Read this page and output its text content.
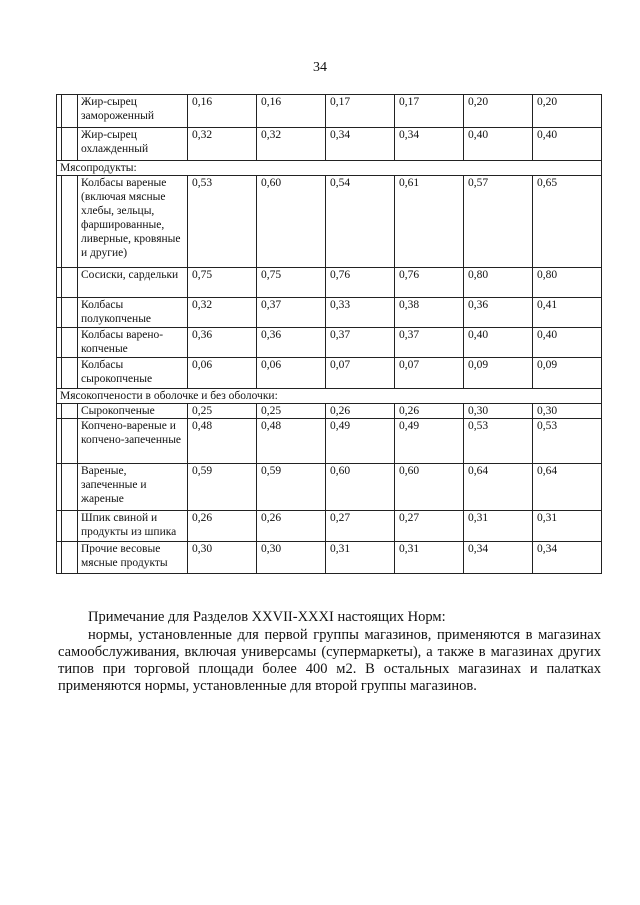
34
		Жир-сырец замороженный	0,16	0,16	0,17	0,17	0,20	0,20
		Жир-сырец охлажденный	0,32	0,32	0,34	0,34	0,40	0,40
Мясопродукты:								
		Колбасы вареные (включая мясные хлебы, зельцы, фаршированные, ливерные, кровяные и другие)	0,53	0,60	0,54	0,61	0,57	0,65
		Сосиски, сардельки	0,75	0,75	0,76	0,76	0,80	0,80
		Колбасы полукопченые	0,32	0,37	0,33	0,38	0,36	0,41
		Колбасы варено-копченые	0,36	0,36	0,37	0,37	0,40	0,40
		Колбасы сырокопченые	0,06	0,06	0,07	0,07	0,09	0,09
Мясокопчености в оболочке и без оболочки:								
		Сырокопченые	0,25	0,25	0,26	0,26	0,30	0,30
		Копчено-вареные и копчено-запеченные	0,48	0,48	0,49	0,49	0,53	0,53
		Вареные, запеченные и жареные	0,59	0,59	0,60	0,60	0,64	0,64
		Шпик свиной и продукты из шпика	0,26	0,26	0,27	0,27	0,31	0,31
		Прочие весовые мясные продукты	0,30	0,30	0,31	0,31	0,34	0,34
Примечание для Разделов XXVII-XXXI настоящих Норм:
нормы, установленные для первой группы магазинов, применяются в магазинах самообслуживания, включая универсамы (супермаркеты), а также в магазинах других типов при торговой площади более 400 м2. В остальных магазинах и палатках применяются нормы, установленные для второй группы магазинов.
